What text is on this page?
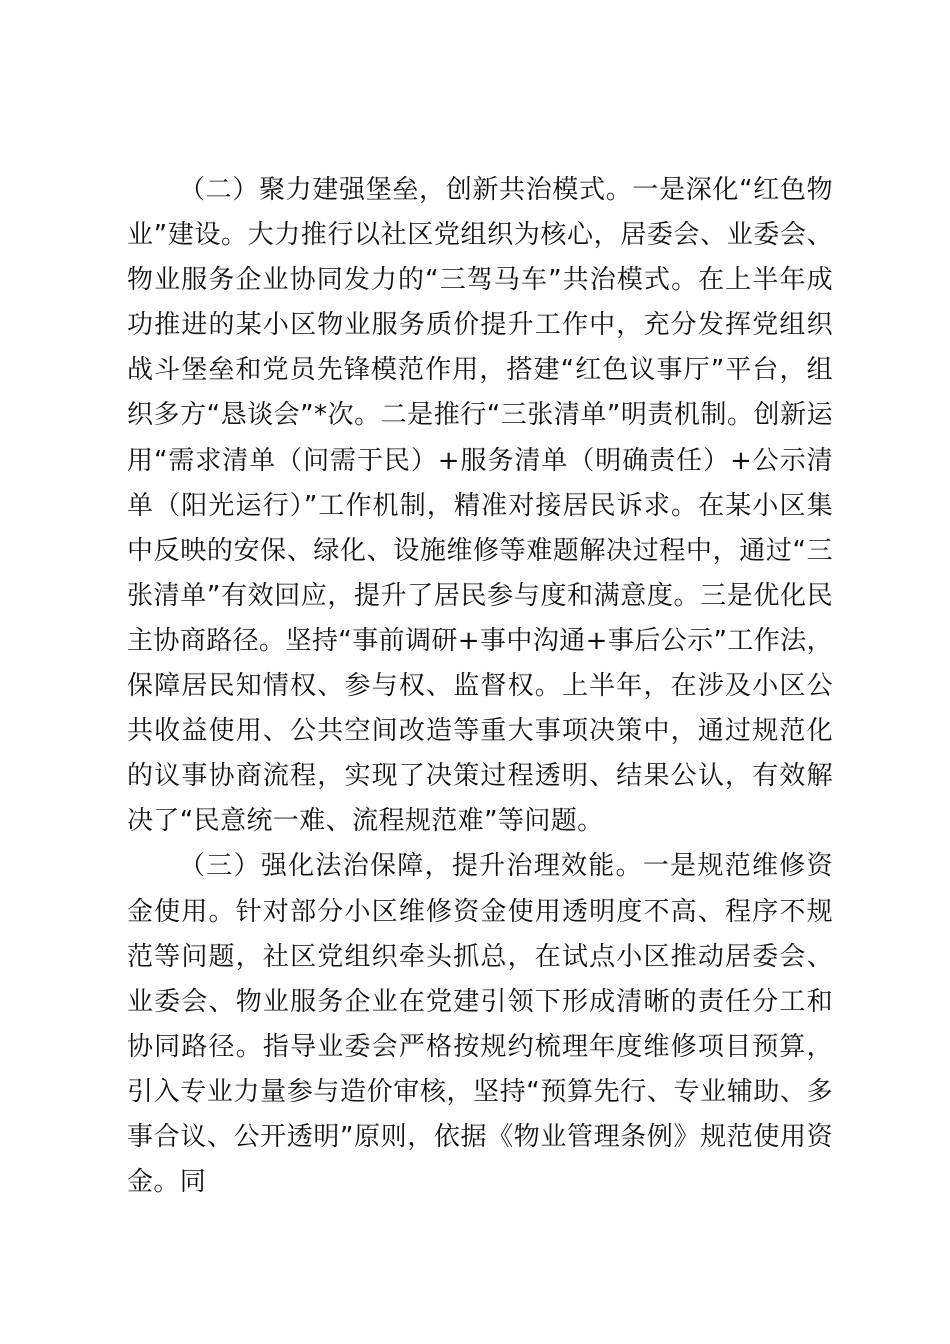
（二）聚力建强堡垒，创新共治模式。一是深化“红色物业”建设。大力推行以社区党组织为核心，居委会、业委会、物业服务企业协同发力的“三驾马车”共治模式。在上半年成功推进的某小区物业服务质价提升工作中，充分发挥党组织战斗堡垒和党员先锋模范作用，搭建“红色议事厅”平台，组织多方“恳谈会”*次。二是推行“三张清单”明责机制。创新运用“需求清单（问需于民）+服务清单（明确责任）+公示清单（阳光运行）”工作机制，精准对接居民诉求。在某小区集中反映的安保、绿化、设施维修等难题解决过程中，通过“三张清单”有效回应，提升了居民参与度和满意度。三是优化民主协商路径。坚持“事前调研+事中沟通+事后公示”工作法，保障居民知情权、参与权、监督权。上半年，在涉及小区公共收益使用、公共空间改造等重大事项决策中，通过规范化的议事协商流程，实现了决策过程透明、结果公认，有效解决了“民意统一难、流程规范难”等问题。

（三）强化法治保障，提升治理效能。一是规范维修资金使用。针对部分小区维修资金使用透明度不高、程序不规范等问题，社区党组织牵头抓总，在试点小区推动居委会、业委会、物业服务企业在党建引领下形成清晰的责任分工和协同路径。指导业委会严格按规约梳理年度维修项目预算，引入专业力量参与造价审核，坚持“预算先行、专业辅助、多事合议、公开透明”原则，依据《物业管理条例》规范使用资金。同
